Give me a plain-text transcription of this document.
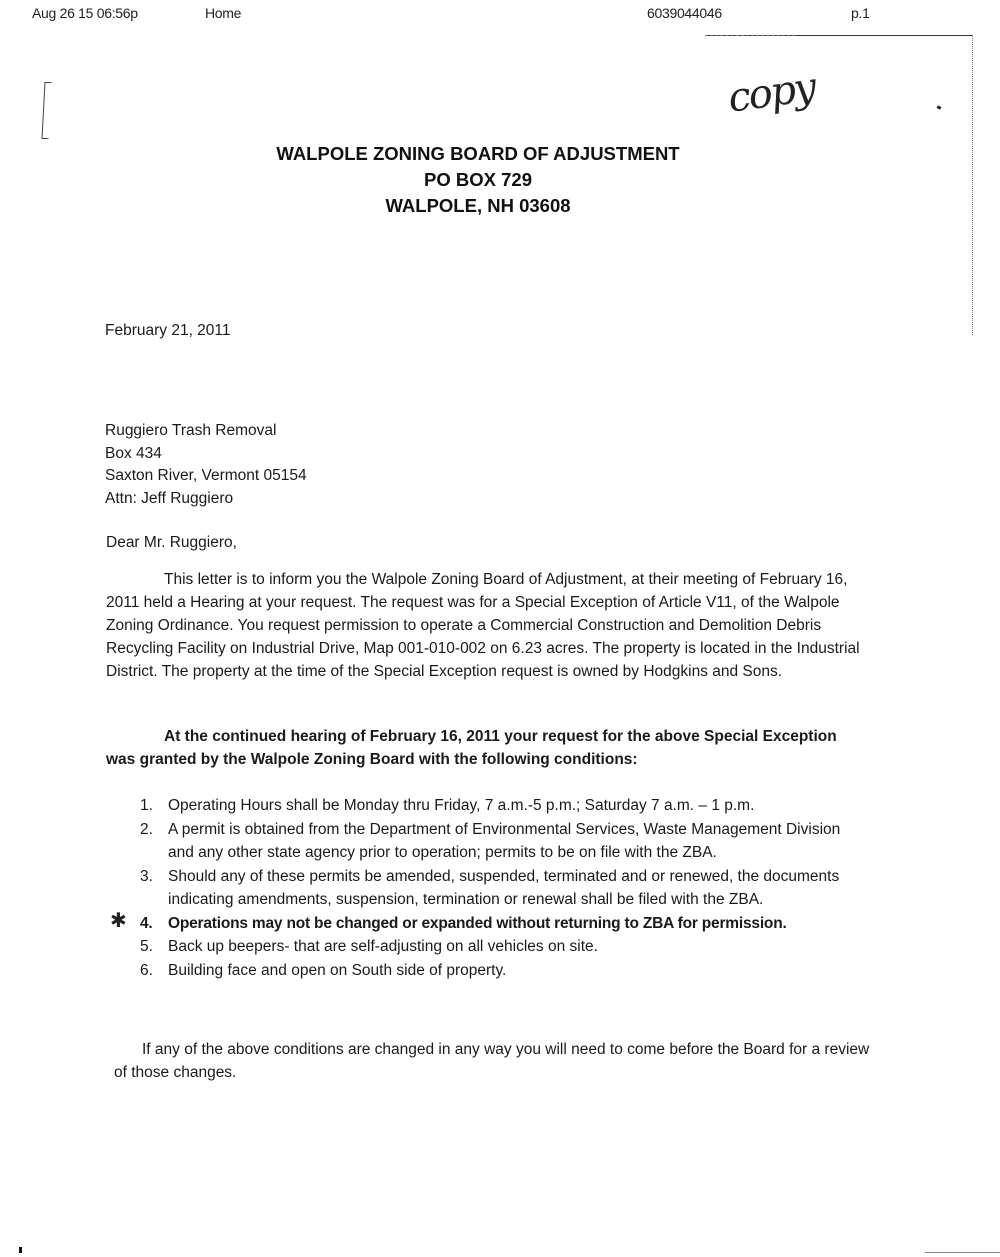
Aug 26 15 06:56p	Home	6039044046	p.1
copy
WALPOLE ZONING BOARD OF ADJUSTMENT
PO BOX 729
WALPOLE, NH 03608
February 21, 2011
Ruggiero Trash Removal
Box 434
Saxton River, Vermont 05154
Attn: Jeff Ruggiero
Dear Mr. Ruggiero,
This letter is to inform you the Walpole Zoning Board of Adjustment, at their meeting of February 16, 2011 held a Hearing at your request. The request was for a Special Exception of Article V11, of the Walpole Zoning Ordinance. You request permission to operate a Commercial Construction and Demolition Debris Recycling Facility on Industrial Drive, Map 001-010-002 on 6.23 acres. The property is located in the Industrial District. The property at the time of the Special Exception request is owned by Hodgkins and Sons.
At the continued hearing of February 16, 2011 your request for the above Special Exception was granted by the Walpole Zoning Board with the following conditions:
1. Operating Hours shall be Monday thru Friday, 7 a.m.-5 p.m.; Saturday 7 a.m. – 1 p.m.
2. A permit is obtained from the Department of Environmental Services, Waste Management Division and any other state agency prior to operation; permits to be on file with the ZBA.
3. Should any of these permits be amended, suspended, terminated and or renewed, the documents indicating amendments, suspension, termination or renewal shall be filed with the ZBA.
✱ 4. Operations may not be changed or expanded without returning to ZBA for permission.
5. Back up beepers- that are self-adjusting on all vehicles on site.
6. Building face and open on South side of property.
If any of the above conditions are changed in any way you will need to come before the Board for a review of those changes.
